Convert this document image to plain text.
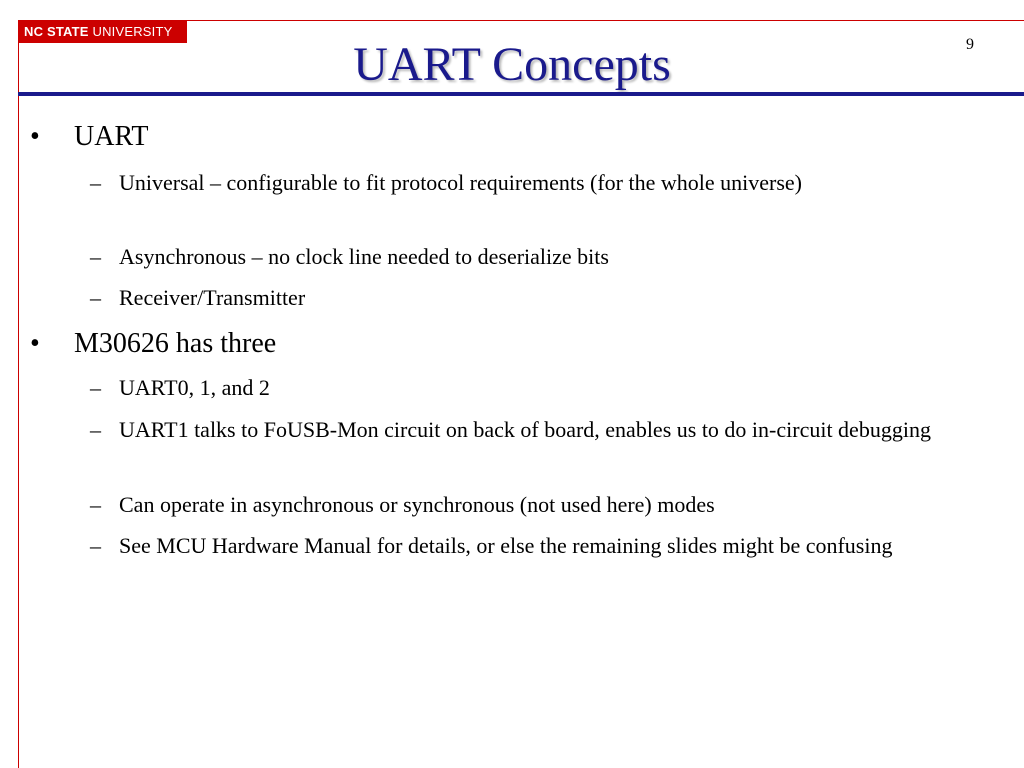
NC STATE UNIVERSITY
UART Concepts	9
• UART
– Universal – configurable to fit protocol requirements (for the whole universe)
– Asynchronous – no clock line needed to deserialize bits
– Receiver/Transmitter
• M30626 has three
– UART0, 1, and 2
– UART1 talks to FoUSB-Mon circuit on back of board, enables us to do in-circuit debugging
– Can operate in asynchronous or synchronous (not used here) modes
– See MCU Hardware Manual for details, or else the remaining slides might be confusing
